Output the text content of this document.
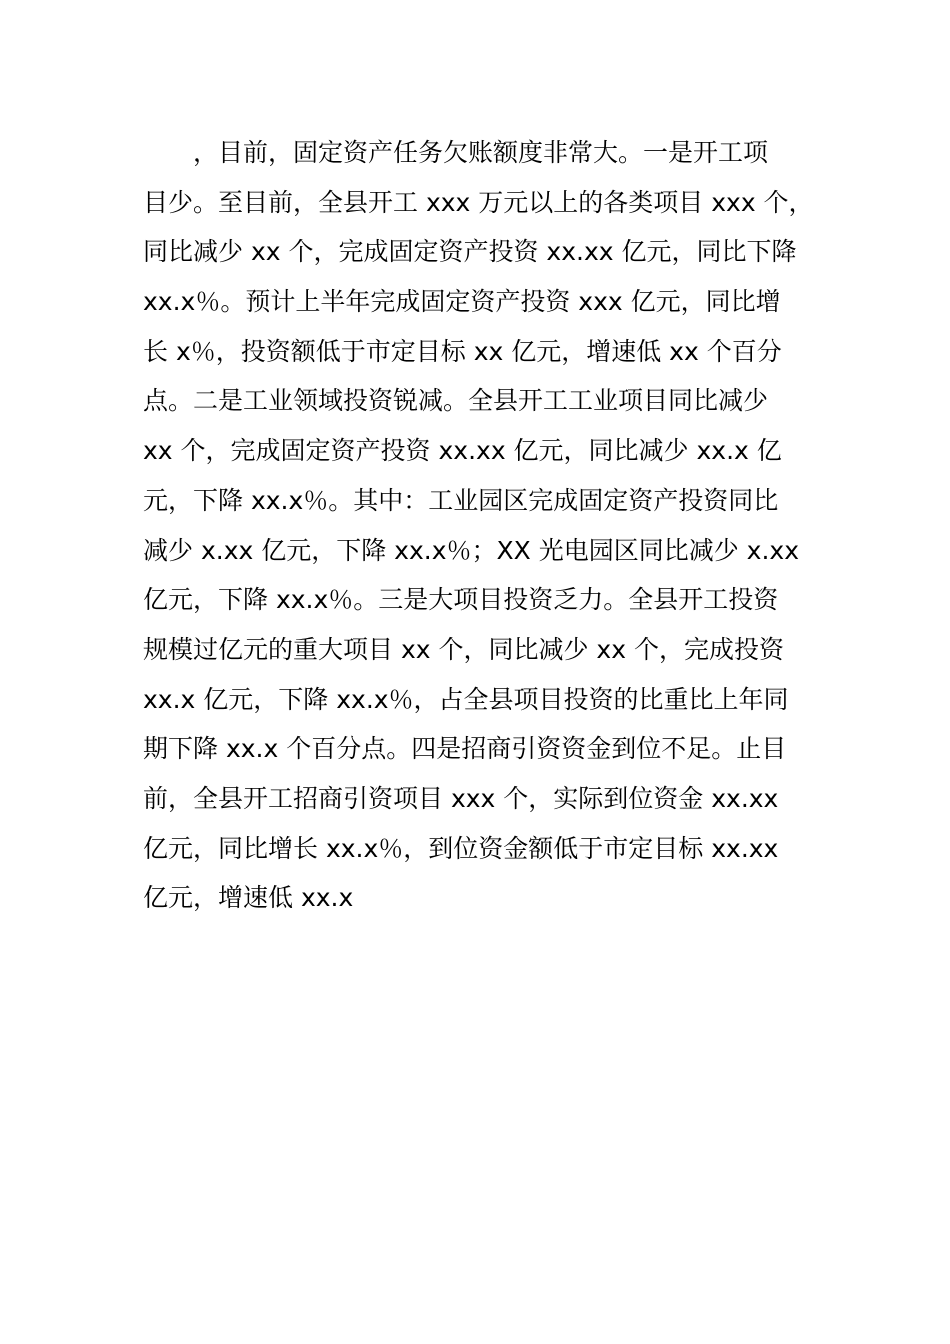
，目前，固定资产任务欠账额度非常大。一是开工项
目少。至目前，全县开工 xxx 万元以上的各类项目 xxx 个，
同比减少 xx 个，完成固定资产投资 xx.xx 亿元，同比下降
xx.x％。预计上半年完成固定资产投资 xxx 亿元，同比增
长 x％，投资额低于市定目标 xx 亿元，增速低 xx 个百分
点。二是工业领域投资锐减。全县开工工业项目同比减少
xx 个，完成固定资产投资 xx.xx 亿元，同比减少 xx.x 亿
元，下降 xx.x％。其中：工业园区完成固定资产投资同比
减少 x.xx 亿元，下降 xx.x％；XX 光电园区同比减少 x.xx
亿元，下降 xx.x％。三是大项目投资乏力。全县开工投资
规模过亿元的重大项目 xx 个，同比减少 xx 个，完成投资
xx.x 亿元，下降 xx.x％，占全县项目投资的比重比上年同
期下降 xx.x 个百分点。四是招商引资资金到位不足。止目
前，全县开工招商引资项目 xxx 个，实际到位资金 xx.xx
亿元，同比增长 xx.x％，到位资金额低于市定目标 xx.xx
亿元，增速低 xx.x
